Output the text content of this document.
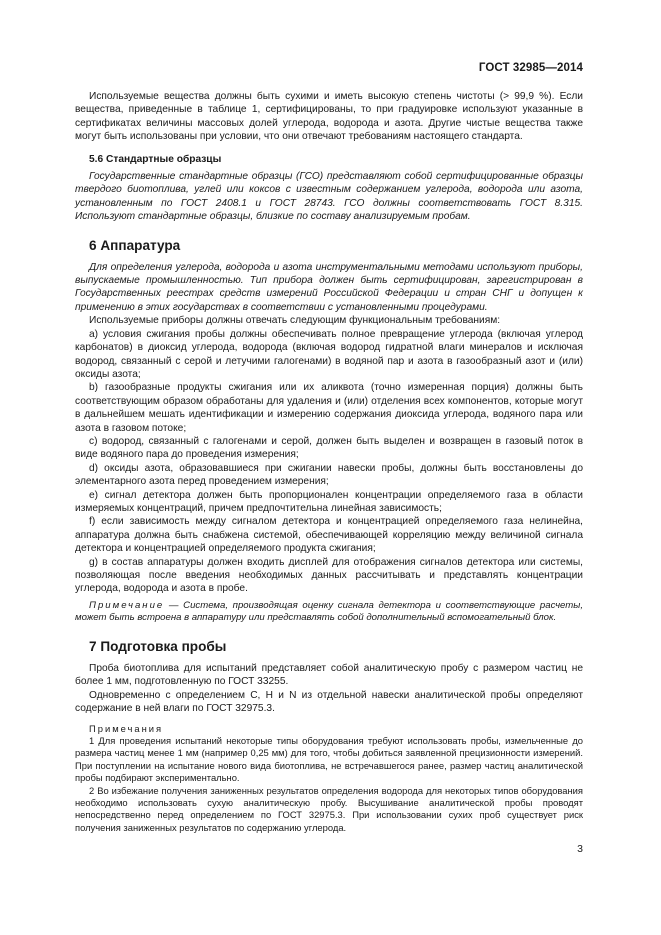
ГОСТ 32985—2014

Используемые вещества должны быть сухими и иметь высокую степень чистоты (> 99,9 %). Если вещества, приведенные в таблице 1, сертифицированы, то при градуировке используют указанные в сертификатах величины массовых долей углерода, водорода и азота. Другие чистые вещества также могут быть использованы при условии, что они отвечают требованиям настоящего стандарта.

5.6 Стандартные образцы

Государственные стандартные образцы (ГСО) представляют собой сертифицированные образцы твердого биотоплива, углей или коксов с известным содержанием углерода, водорода или азота, установленным по ГОСТ 2408.1 и ГОСТ 28743. ГСО должны соответствовать ГОСТ 8.315. Используют стандартные образцы, близкие по составу анализируемым пробам.

6 Аппаратура

Для определения углерода, водорода и азота инструментальными методами используют приборы, выпускаемые промышленностью. Тип прибора должен быть сертифицирован, зарегистрирован в Государственных реестрах средств измерений Российской Федерации и стран СНГ и допущен к применению в этих государствах в соответствии с установленными процедурами.

Используемые приборы должны отвечать следующим функциональным требованиям:

a) условия сжигания пробы должны обеспечивать полное превращение углерода (включая углерод карбонатов) в диоксид углерода, водорода (включая водород гидратной влаги минералов и исключая водород, связанный с серой и летучими галогенами) в водяной пар и азота в газообразный азот и (или) оксиды азота;

b) газообразные продукты сжигания или их аликвота (точно измеренная порция) должны быть соответствующим образом обработаны для удаления и (или) отделения всех компонентов, которые могут в дальнейшем мешать идентификации и измерению содержания диоксида углерода, водяного пара или азота в газовом потоке;

c) водород, связанный с галогенами и серой, должен быть выделен и возвращен в газовый поток в виде водяного пара до проведения измерения;

d) оксиды азота, образовавшиеся при сжигании навески пробы, должны быть восстановлены до элементарного азота перед проведением измерения;

e) сигнал детектора должен быть пропорционален концентрации определяемого газа в области измеряемых концентраций, причем предпочтительна линейная зависимость;

f) если зависимость между сигналом детектора и концентрацией определяемого газа нелинейна, аппаратура должна быть снабжена системой, обеспечивающей корреляцию между величиной сигнала детектора и концентрацией определяемого продукта сжигания;

g) в состав аппаратуры должен входить дисплей для отображения сигналов детектора или системы, позволяющая после введения необходимых данных рассчитывать и представлять концентрации углерода, водорода и азота в пробе.

Примечание — Система, производящая оценку сигнала детектора и соответствующие расчеты, может быть встроена в аппаратуру или представлять собой дополнительный вспомогательный блок.

7 Подготовка пробы

Проба биотоплива для испытаний представляет собой аналитическую пробу с размером частиц не более 1 мм, подготовленную по ГОСТ 33255.

Одновременно с определением C, H и N из отдельной навески аналитической пробы определяют содержание в ней влаги по ГОСТ 32975.3.

Примечания

1 Для проведения испытаний некоторые типы оборудования требуют использовать пробы, измельченные до размера частиц менее 1 мм (например 0,25 мм) для того, чтобы добиться заявленной прецизионности измерений. При поступлении на испытание нового вида биотоплива, не встречавшегося ранее, размер частиц аналитической пробы подбирают экспериментально.

2 Во избежание получения заниженных результатов определения водорода для некоторых типов оборудования необходимо использовать сухую аналитическую пробу. Высушивание аналитической пробы проводят непосредственно перед определением по ГОСТ 32975.3. При использовании сухих проб существует риск получения заниженных результатов по содержанию углерода.

3
